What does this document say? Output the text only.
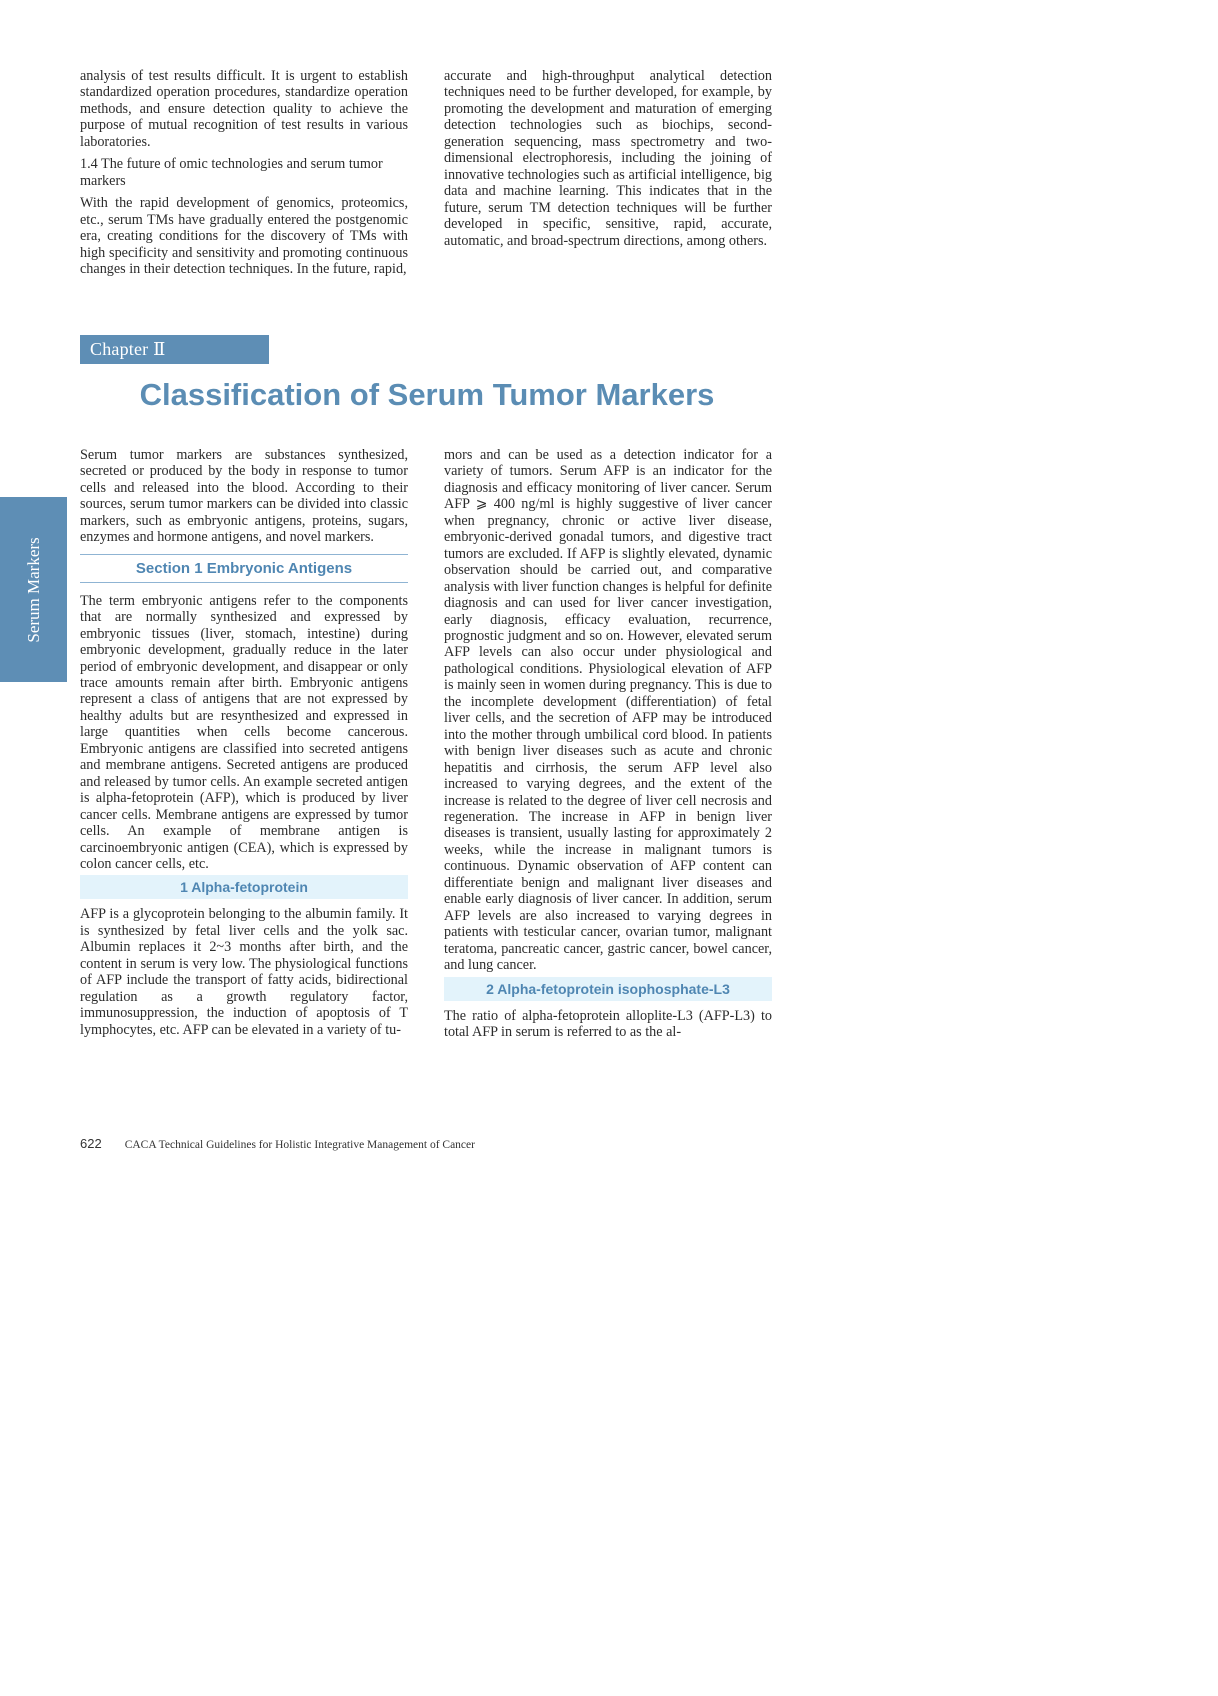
analysis of test results difficult. It is urgent to establish standardized operation procedures, standardize operation methods, and ensure detection quality to achieve the purpose of mutual recognition of test results in various laboratories.

1.4 The future of omic technologies and serum tumor markers

With the rapid development of genomics, proteomics, etc., serum TMs have gradually entered the postgenomic era, creating conditions for the discovery of TMs with high specificity and sensitivity and promoting continuous changes in their detection techniques. In the future, rapid,

accurate and high-throughput analytical detection techniques need to be further developed, for example, by promoting the development and maturation of emerging detection technologies such as biochips, second-generation sequencing, mass spectrometry and two-dimensional electrophoresis, including the joining of innovative technologies such as artificial intelligence, big data and machine learning. This indicates that in the future, serum TM detection techniques will be further developed in specific, sensitive, rapid, accurate, automatic, and broad-spectrum directions, among others.

Chapter Ⅱ
Classification of Serum Tumor Markers
Serum Markers

Serum tumor markers are substances synthesized, secreted or produced by the body in response to tumor cells and released into the blood. According to their sources, serum tumor markers can be divided into classic markers, such as embryonic antigens, proteins, sugars, enzymes and hormone antigens, and novel markers.

Section 1 Embryonic Antigens

The term embryonic antigens refer to the components that are normally synthesized and expressed by embryonic tissues (liver, stomach, intestine) during embryonic development, gradually reduce in the later period of embryonic development, and disappear or only trace amounts remain after birth. Embryonic antigens represent a class of antigens that are not expressed by healthy adults but are resynthesized and expressed in large quantities when cells become cancerous. Embryonic antigens are classified into secreted antigens and membrane antigens. Secreted antigens are produced and released by tumor cells. An example secreted antigen is alpha-fetoprotein (AFP), which is produced by liver cancer cells. Membrane antigens are expressed by tumor cells. An example of membrane antigen is carcinoembryonic antigen (CEA), which is expressed by colon cancer cells, etc.

1 Alpha-fetoprotein

AFP is a glycoprotein belonging to the albumin family. It is synthesized by fetal liver cells and the yolk sac. Albumin replaces it 2~3 months after birth, and the content in serum is very low. The physiological functions of AFP include the transport of fatty acids, bidirectional regulation as a growth regulatory factor, immunosuppression, the induction of apoptosis of T lymphocytes, etc. AFP can be elevated in a variety of tu-

mors and can be used as a detection indicator for a variety of tumors. Serum AFP is an indicator for the diagnosis and efficacy monitoring of liver cancer. Serum AFP ⩾ 400 ng/ml is highly suggestive of liver cancer when pregnancy, chronic or active liver disease, embryonic-derived gonadal tumors, and digestive tract tumors are excluded. If AFP is slightly elevated, dynamic observation should be carried out, and comparative analysis with liver function changes is helpful for definite diagnosis and can used for liver cancer investigation, early diagnosis, efficacy evaluation, recurrence, prognostic judgment and so on. However, elevated serum AFP levels can also occur under physiological and pathological conditions. Physiological elevation of AFP is mainly seen in women during pregnancy. This is due to the incomplete development (differentiation) of fetal liver cells, and the secretion of AFP may be introduced into the mother through umbilical cord blood. In patients with benign liver diseases such as acute and chronic hepatitis and cirrhosis, the serum AFP level also increased to varying degrees, and the extent of the increase is related to the degree of liver cell necrosis and regeneration. The increase in AFP in benign liver diseases is transient, usually lasting for approximately 2 weeks, while the increase in malignant tumors is continuous. Dynamic observation of AFP content can differentiate benign and malignant liver diseases and enable early diagnosis of liver cancer. In addition, serum AFP levels are also increased to varying degrees in patients with testicular cancer, ovarian tumor, malignant teratoma, pancreatic cancer, gastric cancer, bowel cancer, and lung cancer.

2 Alpha-fetoprotein isophosphate-L3

The ratio of alpha-fetoprotein alloplite-L3 (AFP-L3) to total AFP in serum is referred to as the al-

622 CACA Technical Guidelines for Holistic Integrative Management of Cancer
